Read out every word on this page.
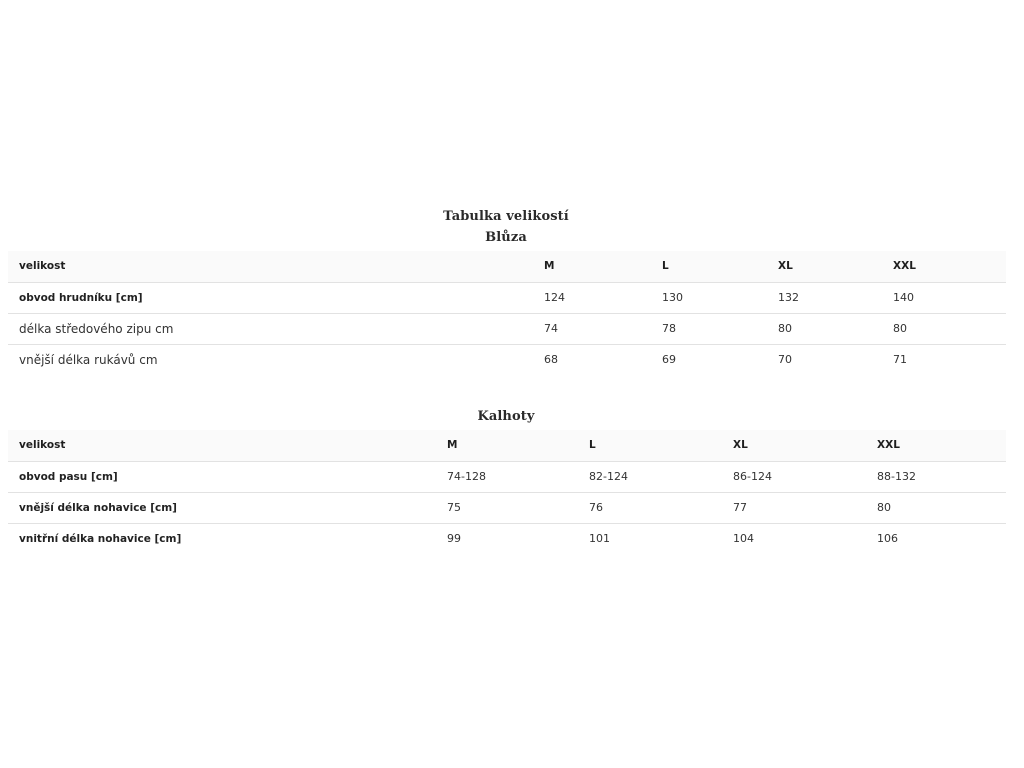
Tabulka velikostí
Blůza
velikost	M	L	XL	XXL
obvod hrudníku [cm]	124	130	132	140
délka středového zipu cm	74	78	80	80
vnější délka rukávů cm	68	69	70	71
Kalhoty
velikost	M	L	XL	XXL
obvod pasu [cm]	74-128	82-124	86-124	88-132
vnější délka nohavice [cm]	75	76	77	80
vnitřní délka nohavice [cm]	99	101	104	106
